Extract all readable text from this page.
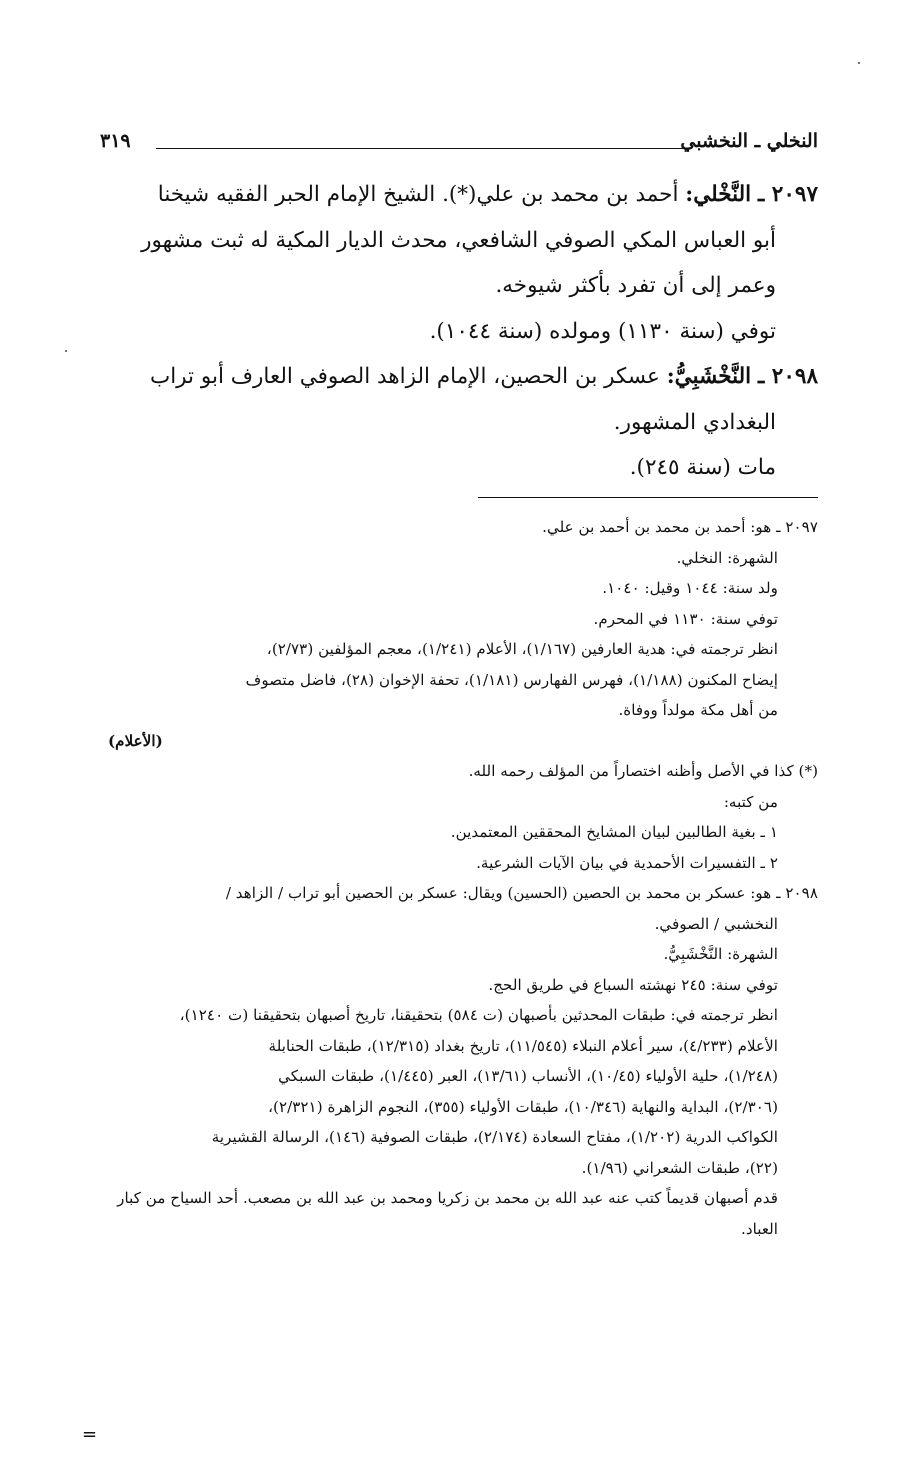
النخلي ـ النخشبي
٣١٩
٢٠٩٧ ـ النَّخْلي: أحمد بن محمد بن علي(*). الشيخ الإمام الحبر الفقيه شيخنا
أبو العباس المكي الصوفي الشافعي، محدث الديار المكية له ثبت مشهور
وعمر إلى أن تفرد بأكثر شيوخه.
توفي (سنة ١١٣٠) ومولده (سنة ١٠٤٤).
٢٠٩٨ ـ النَّخْشَبِيُّ: عسكر بن الحصين، الإمام الزاهد الصوفي العارف أبو تراب
البغدادي المشهور.
مات (سنة ٢٤٥).
٢٠٩٧ ـ هو: أحمد بن محمد بن أحمد بن علي.
الشهرة: النخلي.
ولد سنة: ١٠٤٤ وقيل: ١٠٤٠.
توفي سنة: ١١٣٠ في المحرم.
انظر ترجمته في: هدية العارفين (١/١٦٧)، الأعلام (١/٢٤١)، معجم المؤلفين (٢/٧٣)،
إيضاح المكنون (١/١٨٨)، فهرس الفهارس (١/١٨١)، تحفة الإخوان (٢٨)، فاضل متصوف
من أهل مكة مولداً ووفاة.
(الأعلام)
(*) كذا في الأصل وأظنه اختصاراً من المؤلف رحمه الله.
من كتبه:
١ ـ بغية الطالبين لبيان المشايخ المحققين المعتمدين.
٢ ـ التفسيرات الأحمدية في بيان الآيات الشرعية.
٢٠٩٨ ـ هو: عسكر بن محمد بن الحصين (الحسين) ويقال: عسكر بن الحصين أبو تراب / الزاهد /
النخشبي / الصوفي.
الشهرة: النَّخْشَبِيُّ.
توفي سنة: ٢٤٥ نهشته السباع في طريق الحج.
انظر ترجمته في: طبقات المحدثين بأصبهان (ت ٥٨٤) بتحقيقنا، تاريخ أصبهان بتحقيقنا (ت ١٢٤٠)،
الأعلام (٤/٢٣٣)، سير أعلام النبلاء (١١/٥٤٥)، تاريخ بغداد (١٢/٣١٥)، طبقات الحنابلة
(١/٢٤٨)، حلية الأولياء (١٠/٤٥)، الأنساب (١٣/٦١)، العبر (١/٤٤٥)، طبقات السبكي
(٢/٣٠٦)، البداية والنهاية (١٠/٣٤٦)، طبقات الأولياء (٣٥٥)، النجوم الزاهرة (٢/٣٢١)،
الكواكب الدرية (١/٢٠٢)، مفتاح السعادة (٢/١٧٤)، طبقات الصوفية (١٤٦)، الرسالة القشيرية
(٢٢)، طبقات الشعراني (١/٩٦).
قدم أصبهان قديماً كتب عنه عبد الله بن محمد بن زكريا ومحمد بن عبد الله بن مصعب. أحد السياح من كبار
العباد.
=
